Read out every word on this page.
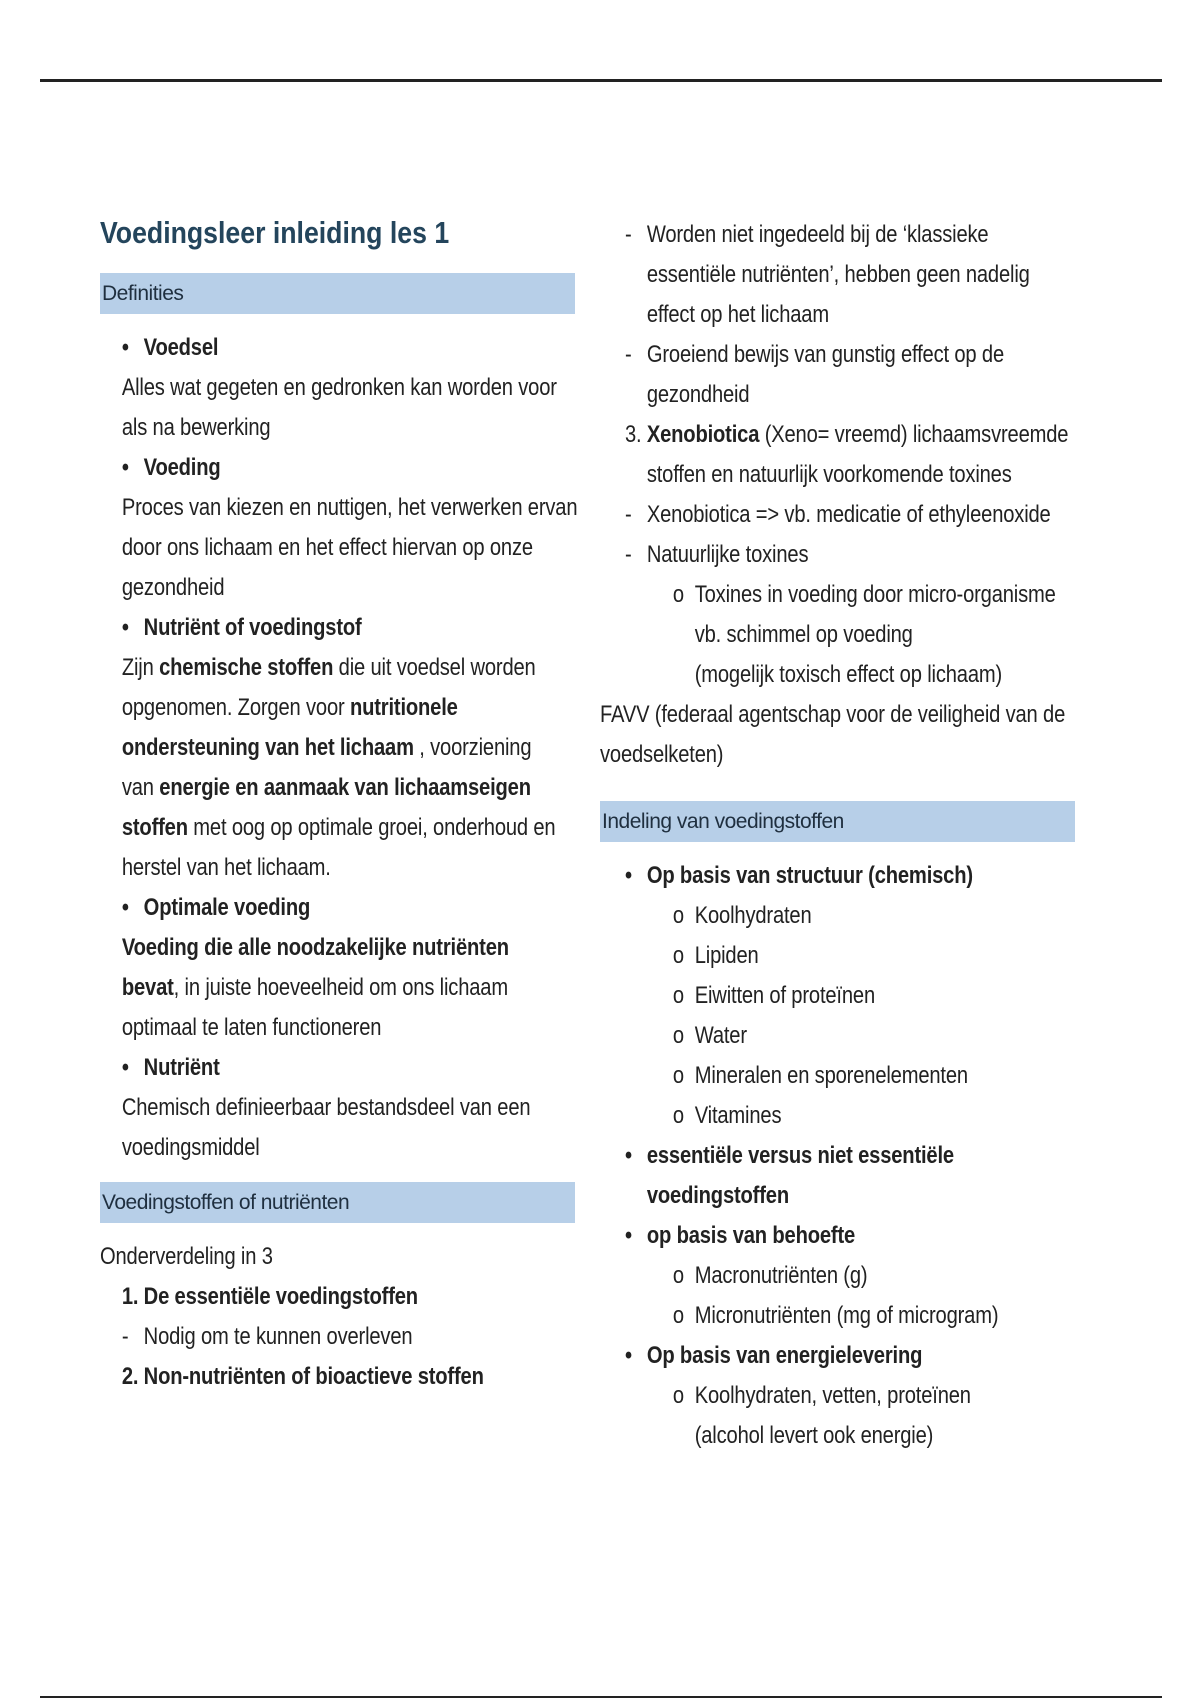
Voedingsleer inleiding les 1
Definities
• Voedsel
Alles wat gegeten en gedronken kan worden voor
als na bewerking
• Voeding
Proces van kiezen en nuttigen, het verwerken ervan
door ons lichaam en het effect hiervan op onze
gezondheid
• Nutriënt of voedingstof
Zijn chemische stoffen die uit voedsel worden
opgenomen. Zorgen voor nutritionele
ondersteuning van het lichaam , voorziening
van energie en aanmaak van lichaamseigen
stoffen met oog op optimale groei, onderhoud en
herstel van het lichaam.
• Optimale voeding
Voeding die alle noodzakelijke nutriënten
bevat, in juiste hoeveelheid om ons lichaam
optimaal te laten functioneren
• Nutriënt
Chemisch definieerbaar bestandsdeel van een
voedingsmiddel
Voedingstoffen of nutriënten
Onderverdeling in 3
1. De essentiële voedingstoffen
- Nodig om te kunnen overleven
2. Non-nutriënten of bioactieve stoffen
- Worden niet ingedeeld bij de ‘klassieke
essentiële nutriënten’, hebben geen nadelig
effect op het lichaam
- Groeiend bewijs van gunstig effect op de
gezondheid
3. Xenobiotica (Xeno= vreemd) lichaamsvreemde
stoffen en natuurlijk voorkomende toxines
- Xenobiotica => vb. medicatie of ethyleenoxide
- Natuurlijke toxines
o Toxines in voeding door micro-organisme
vb. schimmel op voeding
(mogelijk toxisch effect op lichaam)
FAVV (federaal agentschap voor de veiligheid van de
voedselketen)
Indeling van voedingstoffen
• Op basis van structuur (chemisch)
o Koolhydraten
o Lipiden
o Eiwitten of proteïnen
o Water
o Mineralen en sporenelementen
o Vitamines
• essentiële versus niet essentiële
voedingstoffen
• op basis van behoefte
o Macronutriënten (g)
o Micronutriënten (mg of microgram)
• Op basis van energielevering
o Koolhydraten, vetten, proteïnen
(alcohol levert ook energie)
